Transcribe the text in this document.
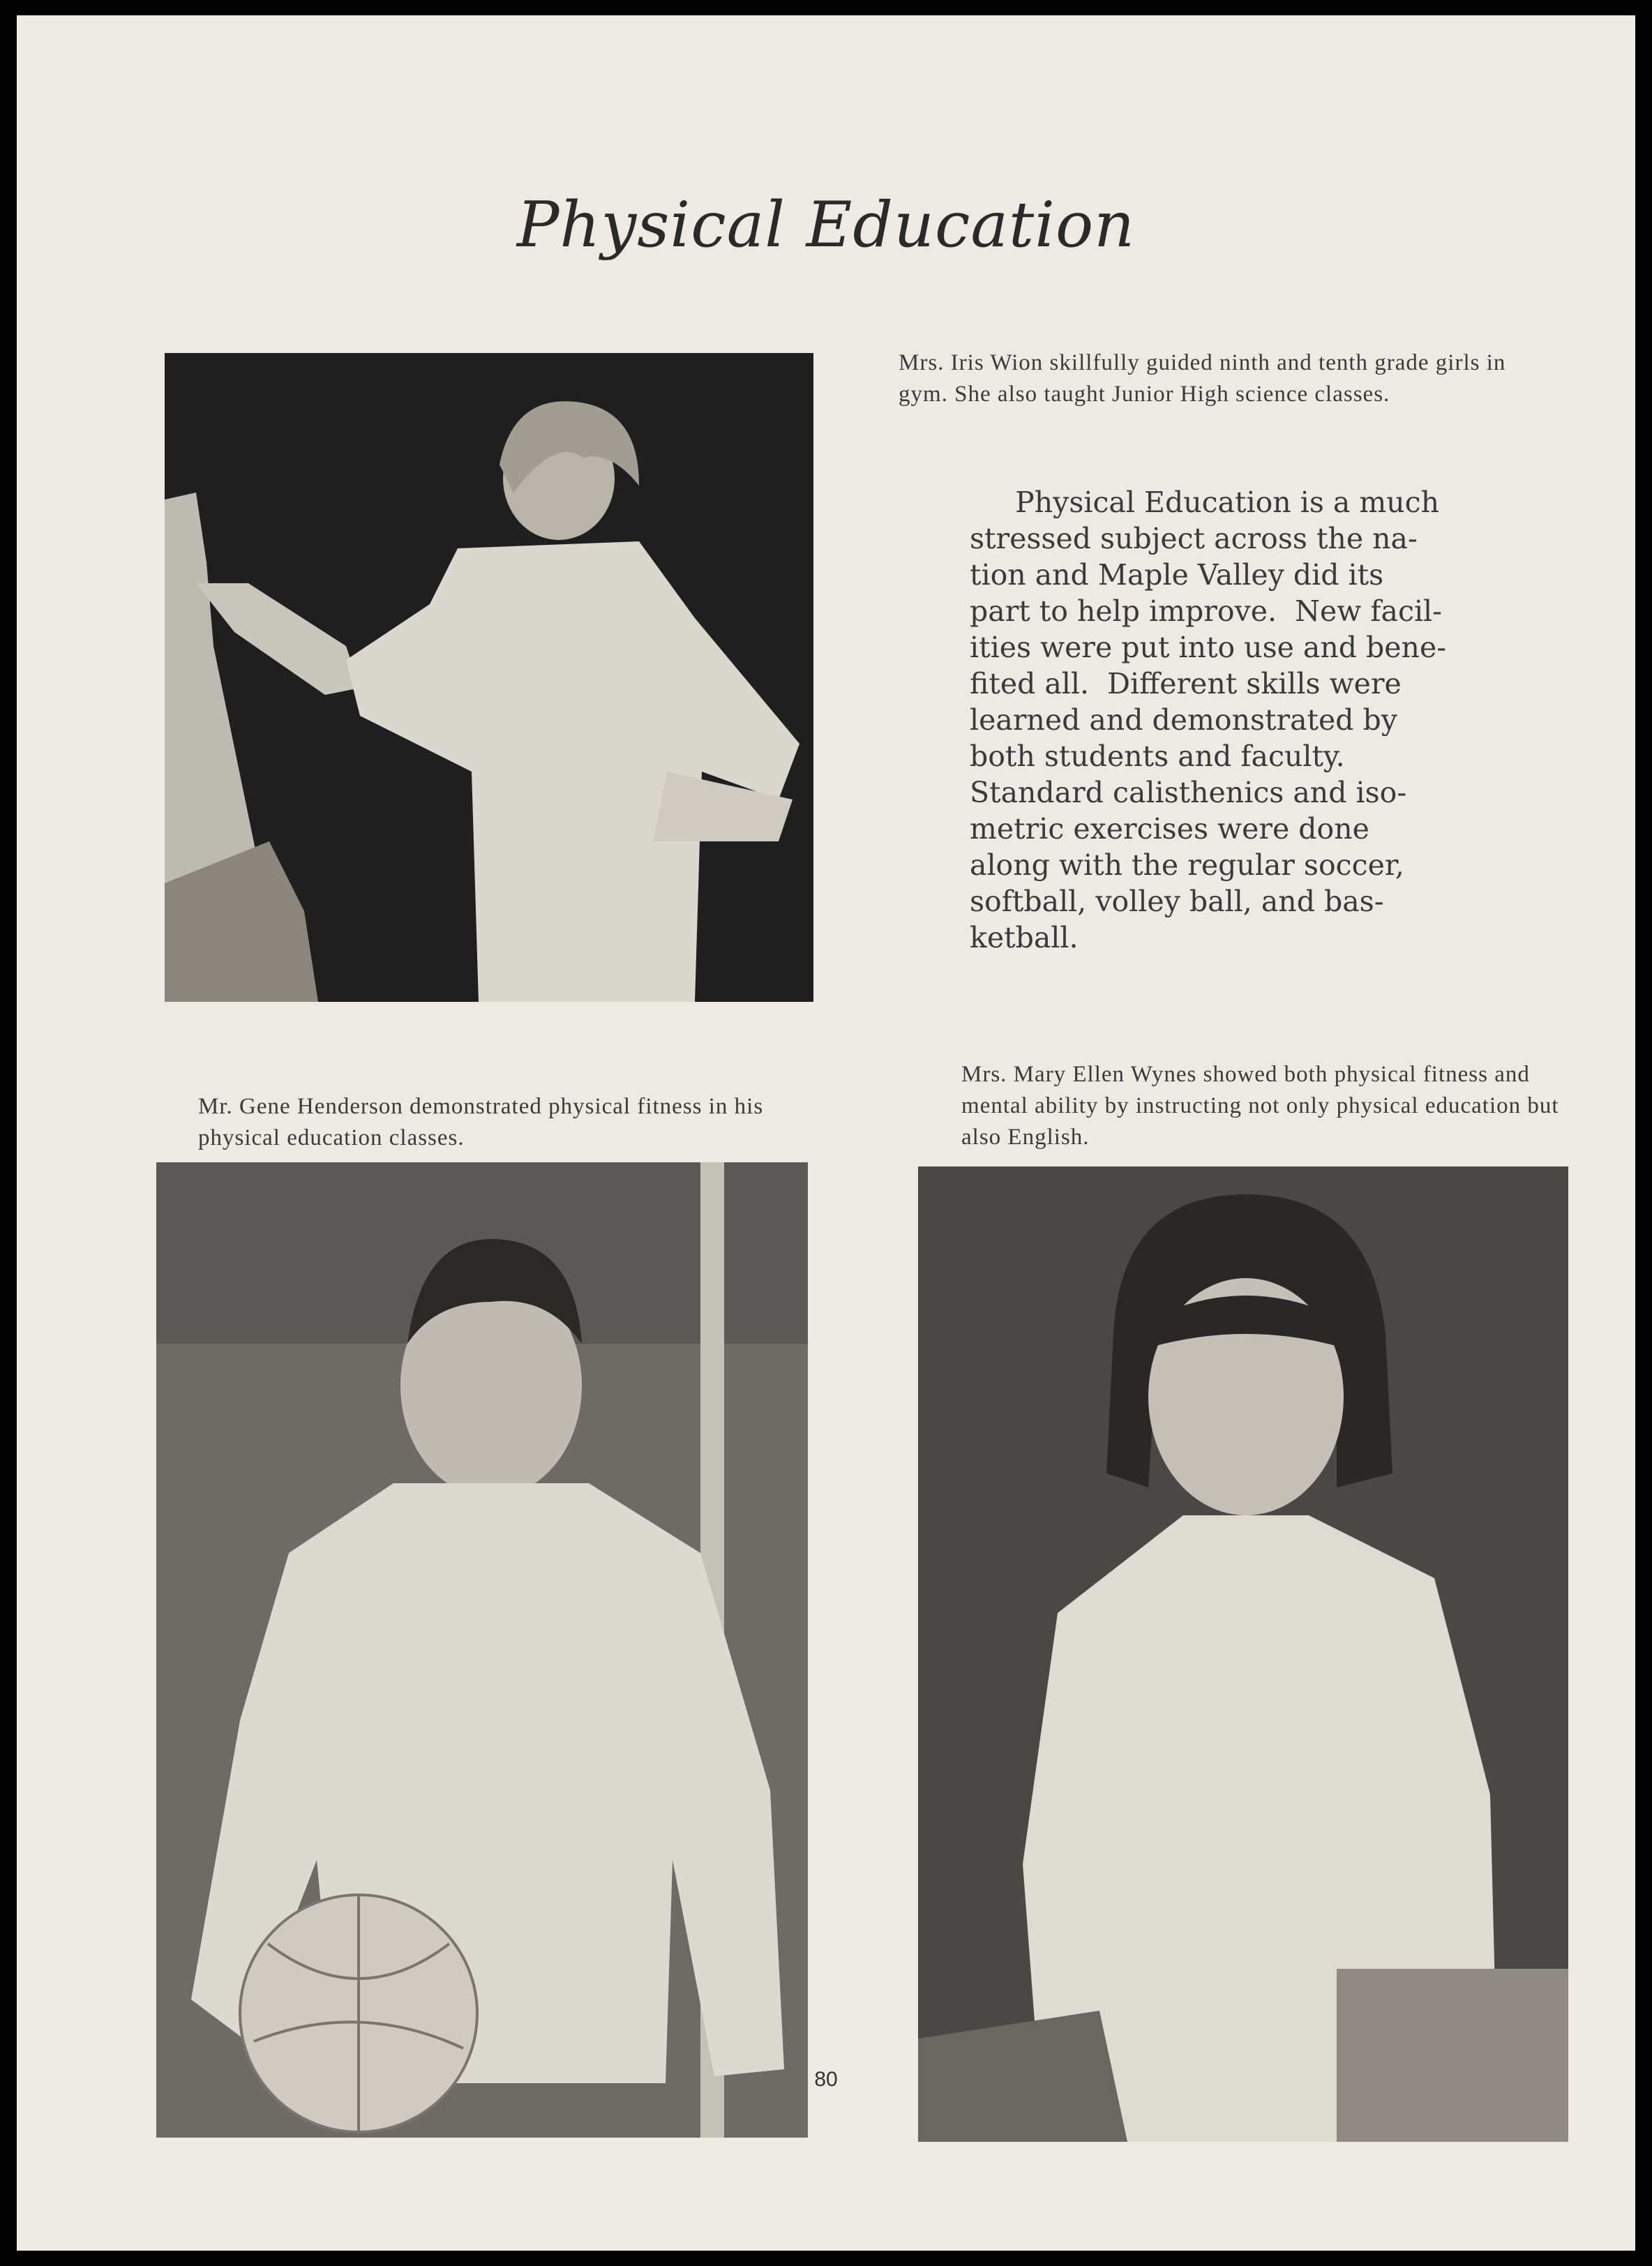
Physical Education
Mrs. Iris Wion skillfully guided ninth and tenth grade girls in gym. She also taught Junior High science classes.
Physical Education is a much
stressed subject across the na-
tion and Maple Valley did its
part to help improve.  New facil-
ities were put into use and bene-
fited all.  Different skills were
learned and demonstrated by
both students and faculty.
Standard calisthenics and iso-
metric exercises were done
along with the regular soccer,
softball, volley ball, and bas-
ketball.
Mrs. Mary Ellen Wynes showed both physical fitness and mental ability by instructing not only physical education but also English.
Mr. Gene Henderson demonstrated physical fitness in his physical education classes.
80
